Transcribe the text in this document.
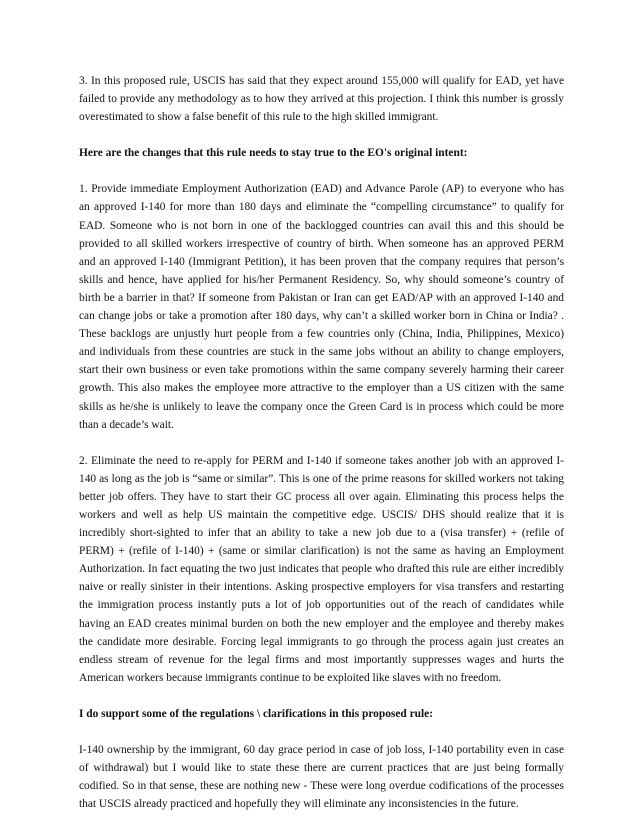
3. In this proposed rule, USCIS has said that they expect around 155,000 will qualify for EAD, yet have failed to provide any methodology as to how they arrived at this projection. I think this number is grossly overestimated to show a false benefit of this rule to the high skilled immigrant.

Here are the changes that this rule needs to stay true to the EO's original intent:

1. Provide immediate Employment Authorization (EAD) and Advance Parole (AP) to everyone who has an approved I-140 for more than 180 days and eliminate the “compelling circumstance” to qualify for EAD. Someone who is not born in one of the backlogged countries can avail this and this should be provided to all skilled workers irrespective of country of birth. When someone has an approved PERM and an approved I-140 (Immigrant Petition), it has been proven that the company requires that person’s skills and hence, have applied for his/her Permanent Residency. So, why should someone’s country of birth be a barrier in that? If someone from Pakistan or Iran can get EAD/AP with an approved I-140 and can change jobs or take a promotion after 180 days, why can’t a skilled worker born in China or India? . These backlogs are unjustly hurt people from a few countries only (China, India, Philippines, Mexico) and individuals from these countries are stuck in the same jobs without an ability to change employers, start their own business or even take promotions within the same company severely harming their career growth. This also makes the employee more attractive to the employer than a US citizen with the same skills as he/she is unlikely to leave the company once the Green Card is in process which could be more than a decade’s wait.

2. Eliminate the need to re-apply for PERM and I-140 if someone takes another job with an approved I-140 as long as the job is “same or similar”. This is one of the prime reasons for skilled workers not taking better job offers. They have to start their GC process all over again. Eliminating this process helps the workers and well as help US maintain the competitive edge. USCIS/ DHS should realize that it is incredibly short-sighted to infer that an ability to take a new job due to a (visa transfer) + (refile of PERM) + (refile of I-140) + (same or similar clarification) is not the same as having an Employment Authorization. In fact equating the two just indicates that people who drafted this rule are either incredibly naive or really sinister in their intentions. Asking prospective employers for visa transfers and restarting the immigration process instantly puts a lot of job opportunities out of the reach of candidates while having an EAD creates minimal burden on both the new employer and the employee and thereby makes the candidate more desirable. Forcing legal immigrants to go through the process again just creates an endless stream of revenue for the legal firms and most importantly suppresses wages and hurts the American workers because immigrants continue to be exploited like slaves with no freedom.

I do support some of the regulations \ clarifications in this proposed rule:

I-140 ownership by the immigrant, 60 day grace period in case of job loss, I-140 portability even in case of withdrawal) but I would like to state these there are current practices that are just being formally codified. So in that sense, these are nothing new - These were long overdue codifications of the processes that USCIS already practiced and hopefully they will eliminate any inconsistencies in the future.
